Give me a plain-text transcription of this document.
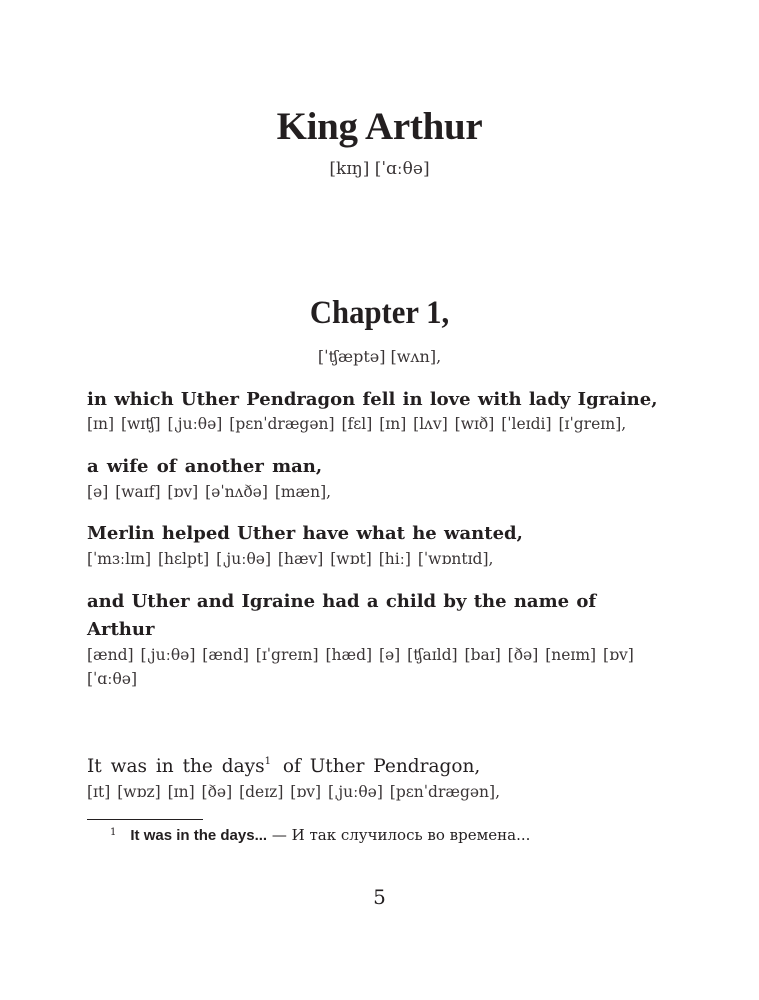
King Arthur
[kɪŋ] [ˈɑːθə]
Chapter 1,
[ˈʧæptə] [wʌn],
in which Uther Pendragon fell in love with lady Igraine,
[ɪn] [wɪʧ] [ˌjuːθə] [pɛnˈdrægən] [fɛl] [ɪn] [lʌv] [wɪð] [ˈleɪdi] [ɪˈgreɪn],
a wife of another man,
[ə] [waɪf] [ɒv] [əˈnʌðə] [mæn],
Merlin helped Uther have what he wanted,
[ˈmɜːlɪn] [hɛlpt] [ˌjuːθə] [hæv] [wɒt] [hiː] [ˈwɒntɪd],
and Uther and Igraine had a child by the name of
Arthur
[ænd] [ˌjuːθə] [ænd] [ɪˈgreɪn] [hæd] [ə] [ʧaɪld] [baɪ] [ðə] [neɪm] [ɒv]
[ˈɑːθə]
It was in the days$^1$ of Uther Pendragon,
[ɪt] [wɒz] [ɪn] [ðə] [deɪz] [ɒv] [ˌjuːθə] [pɛnˈdrægən],
$^1$ It was in the days... — И так случилось во времена...
5
